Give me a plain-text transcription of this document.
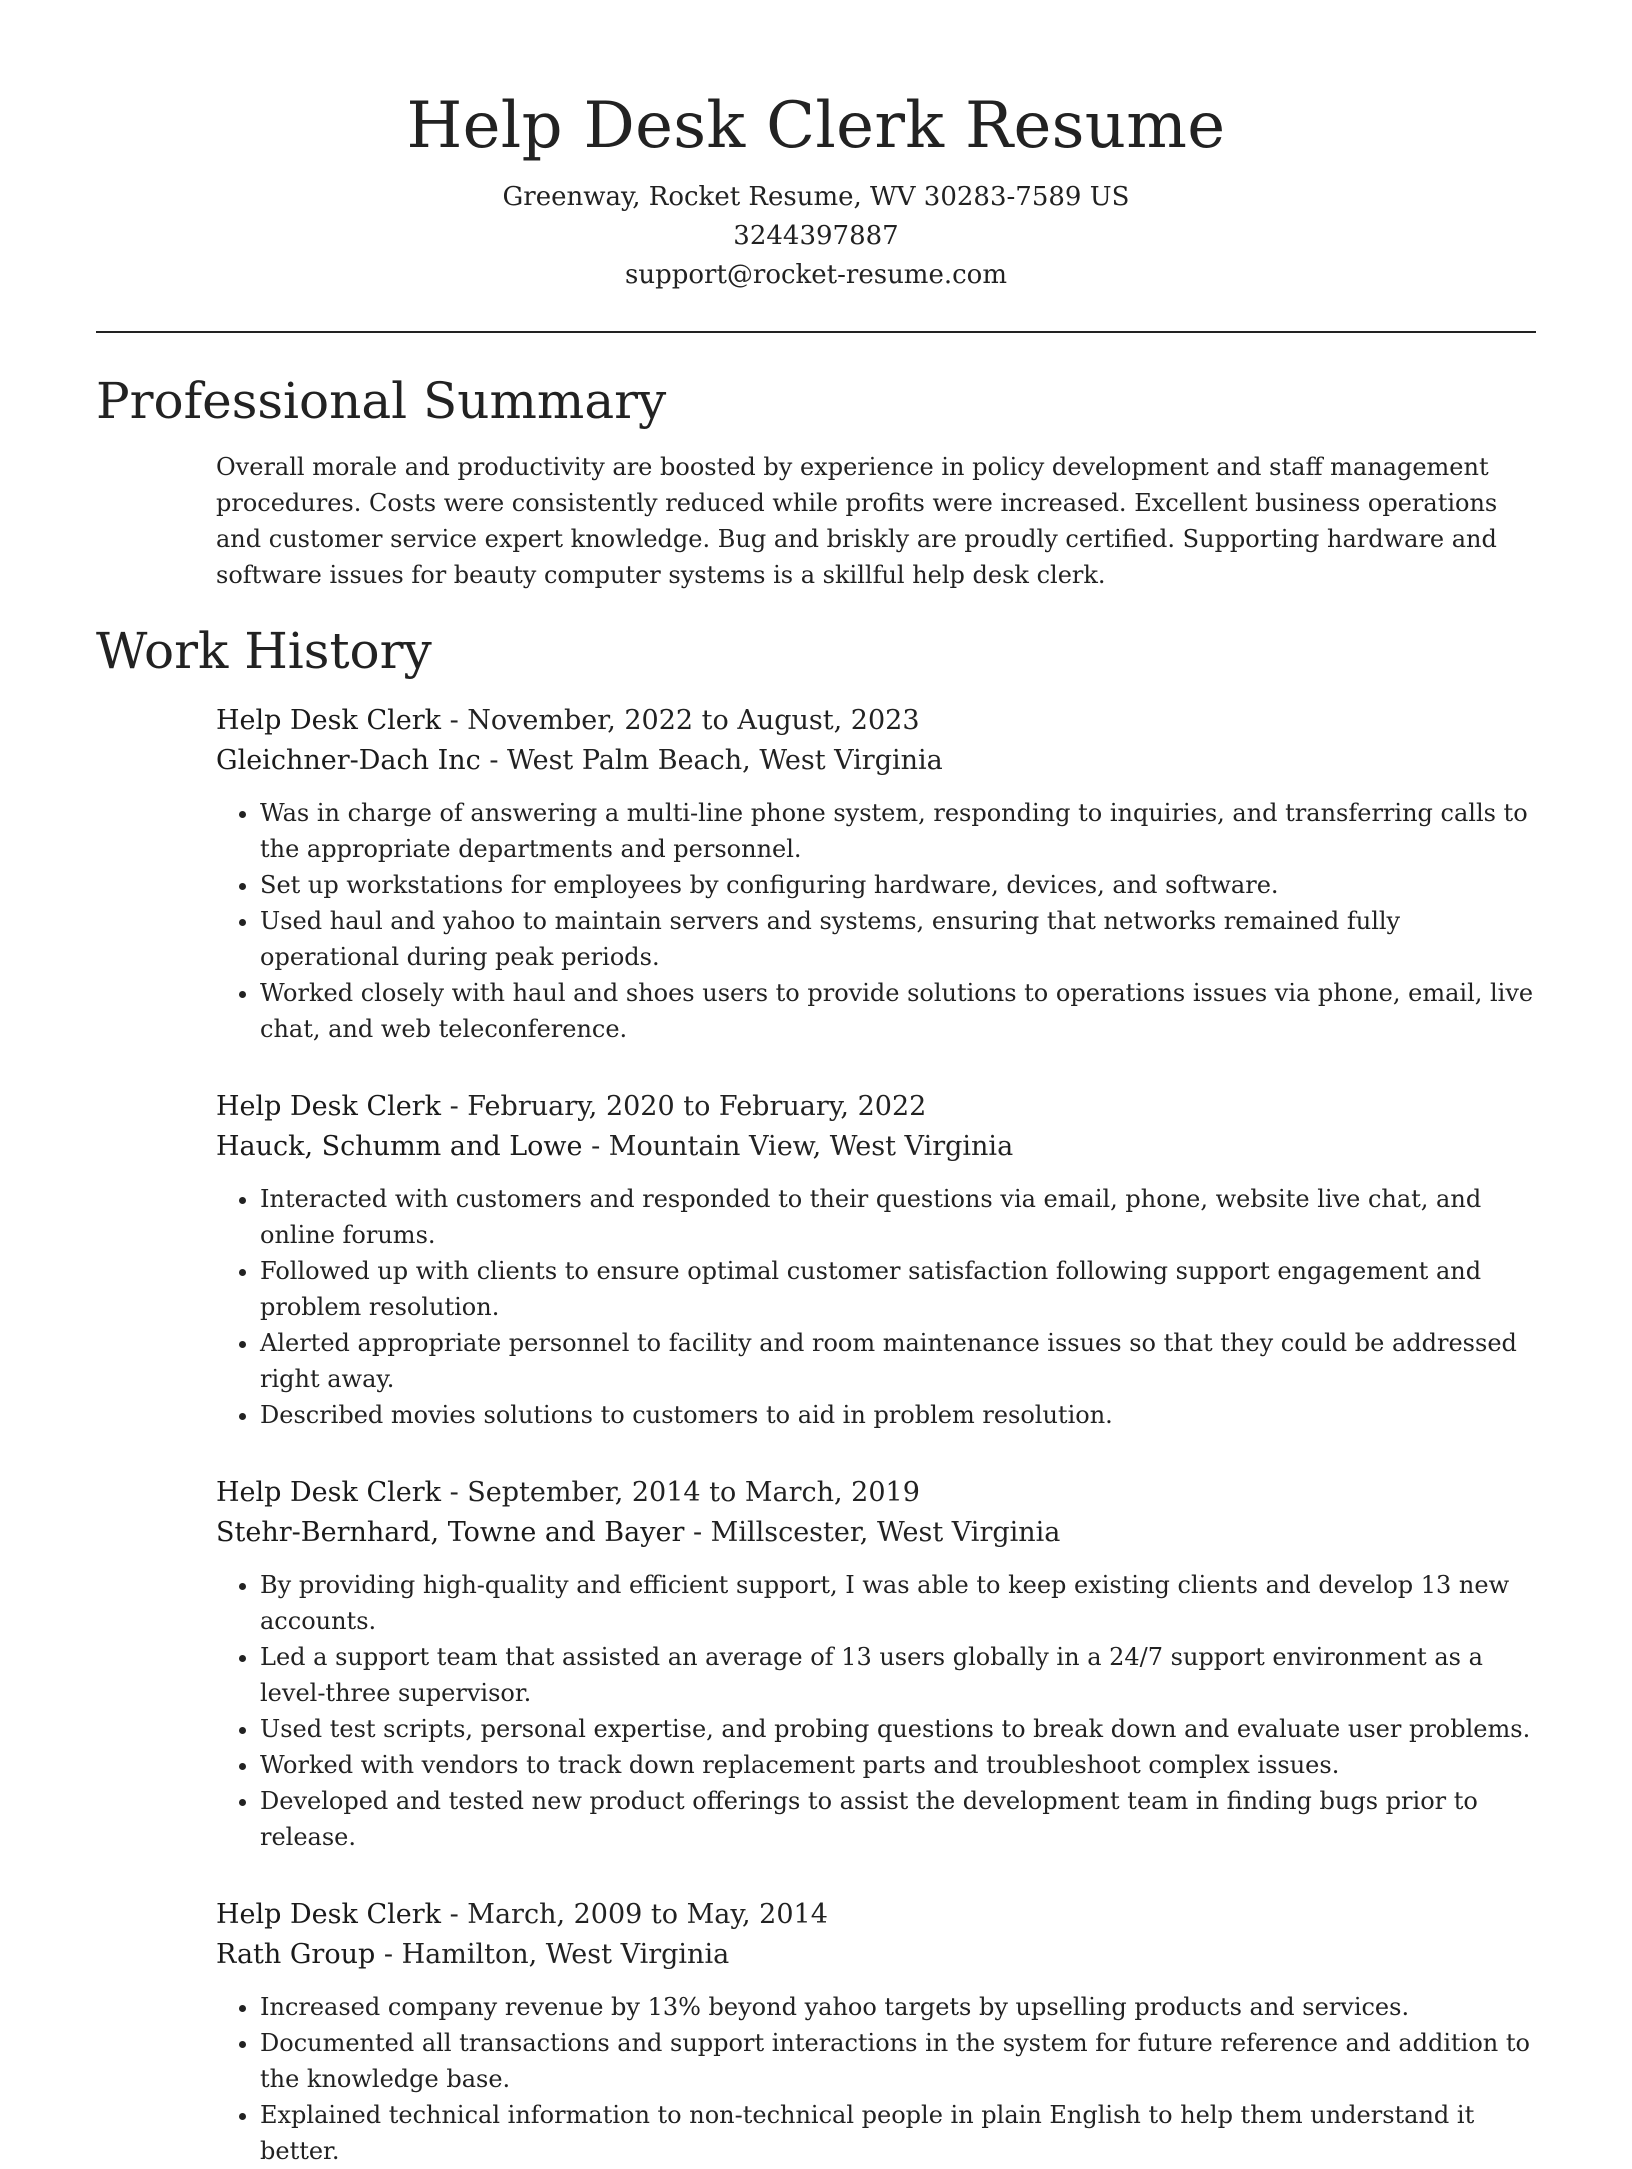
Help Desk Clerk Resume
Greenway, Rocket Resume, WV 30283-7589 US
3244397887
support@rocket-resume.com
Professional Summary

Overall morale and productivity are boosted by experience in policy development and staff management procedures. Costs were consistently reduced while profits were increased. Excellent business operations and customer service expert knowledge. Bug and briskly are proudly certified. Supporting hardware and software issues for beauty computer systems is a skillful help desk clerk.

Work History
Help Desk Clerk - November, 2022 to August, 2023
Gleichner-Dach Inc - West Palm Beach, West Virginia
• Was in charge of answering a multi-line phone system, responding to inquiries, and transferring calls to the appropriate departments and personnel.
• Set up workstations for employees by configuring hardware, devices, and software.
• Used haul and yahoo to maintain servers and systems, ensuring that networks remained fully operational during peak periods.
• Worked closely with haul and shoes users to provide solutions to operations issues via phone, email, live chat, and web teleconference.
Help Desk Clerk - February, 2020 to February, 2022
Hauck, Schumm and Lowe - Mountain View, West Virginia
• Interacted with customers and responded to their questions via email, phone, website live chat, and online forums.
• Followed up with clients to ensure optimal customer satisfaction following support engagement and problem resolution.
• Alerted appropriate personnel to facility and room maintenance issues so that they could be addressed right away.
• Described movies solutions to customers to aid in problem resolution.
Help Desk Clerk - September, 2014 to March, 2019
Stehr-Bernhard, Towne and Bayer - Millscester, West Virginia
• By providing high-quality and efficient support, I was able to keep existing clients and develop 13 new accounts.
• Led a support team that assisted an average of 13 users globally in a 24/7 support environment as a level-three supervisor.
• Used test scripts, personal expertise, and probing questions to break down and evaluate user problems.
• Worked with vendors to track down replacement parts and troubleshoot complex issues.
• Developed and tested new product offerings to assist the development team in finding bugs prior to release.
Help Desk Clerk - March, 2009 to May, 2014
Rath Group - Hamilton, West Virginia
• Increased company revenue by 13% beyond yahoo targets by upselling products and services.
• Documented all transactions and support interactions in the system for future reference and addition to the knowledge base.
• Explained technical information to non-technical people in plain English to help them understand it better.
